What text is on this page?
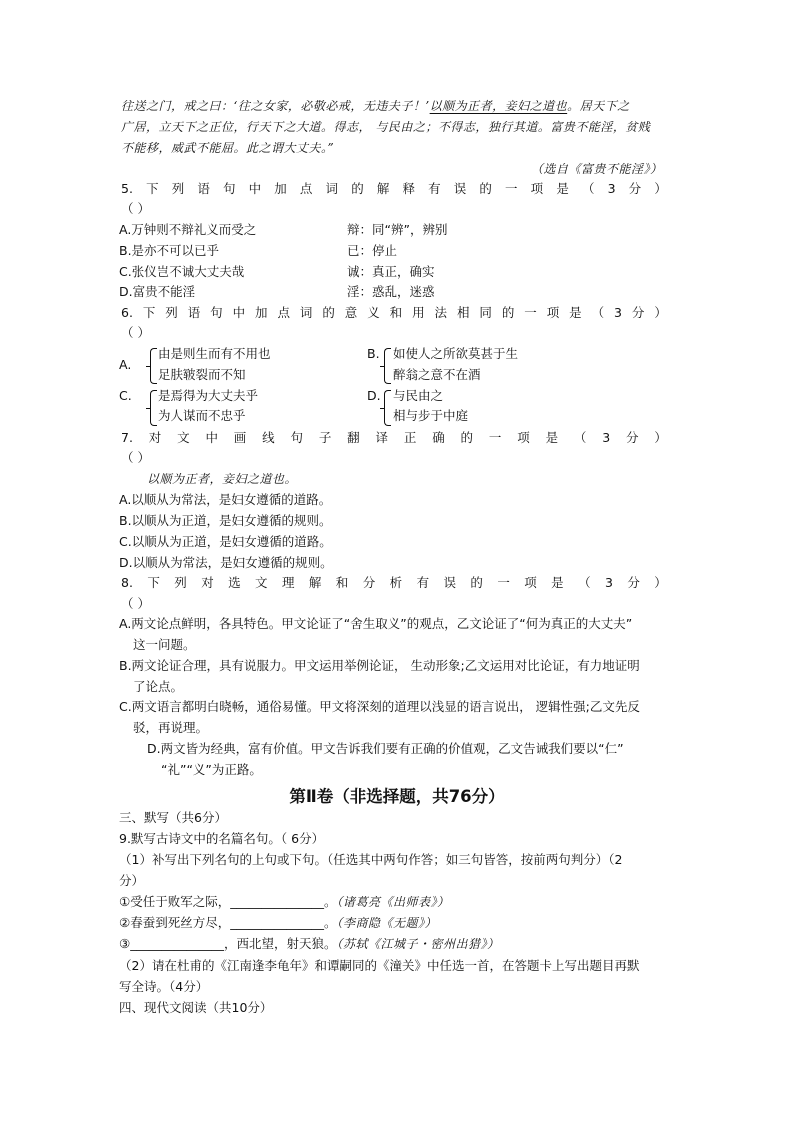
往送之门，戒之曰：‘往之女家，必敬必戒，无违夫子！’以顺为正者，妾妇之道也。居天下之
广居，立天下之正位，行天下之大道。得志， 与民由之；不得志，独行其道。富贵不能淫，贫贱
不能移，威武不能屈。此之谓大丈夫。”
（选自《富贵不能淫》）
5. 下 列 语 句 中 加 点 词 的 解 释 有 误 的 一 项 是 （ 3 分 ）
（ ）
A.万钟则不辩礼义而受之	辩：同“辨”，辨别
B.是亦不可以已乎	已：停止
C.张仪岂不诚大丈夫哉	诚：真正，确实
D.富贵不能淫	淫：惑乱，迷惑
6. 下 列 语 句 中 加 点 词 的 意 义 和 用 法 相 同 的 一 项 是 （ 3 分 ）
（ ）
A.
由是则生而有不用也
足肤皲裂而不知
B. 如使人之所欲莫甚于生
醉翁之意不在酒
C. 是焉得为大丈夫乎
为人谋而不忠乎
D. 与民由之
相与步于中庭
7. 对 文 中 画 线 句 子 翻 译 正 确 的 一 项 是 （ 3 分 ）
（ ）
以顺为正者，妾妇之道也。
A.以顺从为常法，是妇女遵循的道路。
B.以顺从为正道，是妇女遵循的规则。
C.以顺从为正道，是妇女遵循的道路。
D.以顺从为常法，是妇女遵循的规则。
8. 下 列 对 选 文 理 解 和 分 析 有 误 的 一 项 是 （ 3 分 ）
（ ）
A.两文论点鲜明，各具特色。甲文论证了“舍生取义”的观点，乙文论证了“何为真正的大丈夫”
这一问题。
B.两文论证合理，具有说服力。甲文运用举例论证， 生动形象;乙文运用对比论证，有力地证明
了论点。
C.两文语言都明白晓畅，通俗易懂。甲文将深刻的道理以浅显的语言说出， 逻辑性强;乙文先反
驳，再说理。
D.两文皆为经典，富有价值。甲文告诉我们要有正确的价值观，乙文告诫我们要以“仁”
“礼”“义”为正路。
第Ⅱ卷（非选择题，共76分）
三、默写（共6分）
9.默写古诗文中的名篇名句。（ 6分）
（1）补写出下列名句的上句或下句。（任选其中两句作答；如三句皆答，按前两句判分）（2
分）
①受任于败军之际，_______________。（诸葛亮《出师表》）
②春蚕到死丝方尽，_______________。（李商隐《无题》）
③_______________，西北望，射天狼。（苏轼《江城子・密州出猎》）
（2）请在杜甫的《江南逢李龟年》和谭嗣同的《潼关》中任选一首，在答题卡上写出题目再默
写全诗。（4分）
四、现代文阅读（共10分）
